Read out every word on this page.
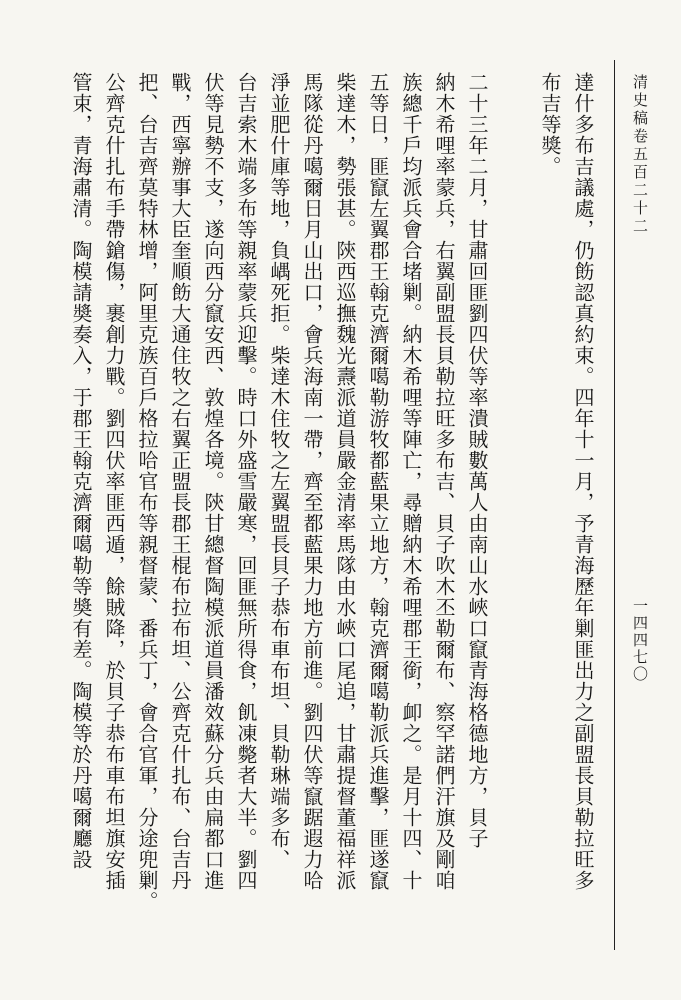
清史稿卷五百二十二
一四四七〇
達什多布吉議處，仍飭認真約束。四年十一月，予青海歷年剿匪出力之副盟長貝勒拉旺多
布吉等獎。
二十三年二月，甘肅回匪劉四伏等率潰賊數萬人由南山水峽口竄青海格德地方，貝子
納木希哩率蒙兵，右翼副盟長貝勒拉旺多布吉、貝子吹木丕勒爾布、察罕諾們汗旗及剛咱
族總千戶均派兵會合堵剿。納木希哩等陣亡，尋贈納木希哩郡王銜，卹之。是月十四、十
五等日，匪竄左翼郡王翰克濟爾噶勒游牧都藍果立地方，翰克濟爾噶勒派兵進擊，匪遂竄
柴達木，勢張甚。陝西巡撫魏光燾派道員嚴金清率馬隊由水峽口尾追，甘肅提督董福祥派
馬隊從丹噶爾日月山出口，會兵海南一帶，齊至都藍果力地方前進。劉四伏等竄踞遐力哈
淨並肥什庫等地，負嵎死拒。柴達木住牧之左翼盟長貝子恭布車布坦、貝勒琳端多布、
台吉索木端多布等親率蒙兵迎擊。時口外盛雪嚴寒，回匪無所得食，飢凍斃者大半。劉四
伏等見勢不支，遂向西分竄安西、敦煌各境。陝甘總督陶模派道員潘效蘇分兵由扁都口進
戰，西寧辦事大臣奎順飭大通住牧之右翼正盟長郡王棍布拉布坦、公齊克什扎布、台吉丹
把、台吉齊莫特林增，阿里克族百戶格拉哈官布等親督蒙、番兵丁，會合官軍，分途兜剿。
公齊克什扎布手帶鎗傷，裹創力戰。劉四伏率匪西遁，餘賊降，於貝子恭布車布坦旗安插
管束，青海肅清。陶模請奬奏入，于郡王翰克濟爾噶勒等奬有差。陶模等於丹噶爾廳設
